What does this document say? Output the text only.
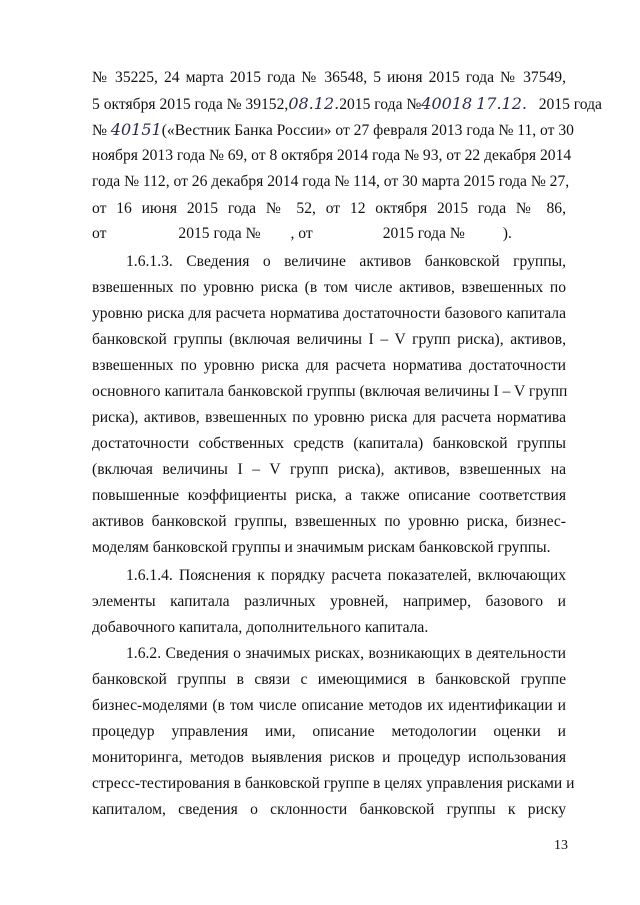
№ 35225, 24 марта 2015 года № 36548, 5 июня 2015 года № 37549,
5 октября 2015 года № 39152,08.12.2015 года №40018 17.12. 2015 года
№ 40151(«Вестник Банка России» от 27 февраля 2013 года № 11, от 30
ноября 2013 года № 69, от 8 октября 2014 года № 93, от 22 декабря 2014
года № 112, от 26 декабря 2014 года № 114, от 30 марта 2015 года № 27,
от 16 июня 2015 года № 52, от 12 октября 2015 года № 86,
от	2015 года № , от	2015 года № ).
1.6.1.3. Сведения о величине активов банковской группы,
взвешенных по уровню риска (в том числе активов, взвешенных по
уровню риска для расчета норматива достаточности базового капитала
банковской группы (включая величины I – V групп риска), активов,
взвешенных по уровню риска для расчета норматива достаточности
основного капитала банковской группы (включая величины I – V групп
риска), активов, взвешенных по уровню риска для расчета норматива
достаточности собственных средств (капитала) банковской группы
(включая величины I – V групп риска), активов, взвешенных на
повышенные коэффициенты риска, а также описание соответствия
активов банковской группы, взвешенных по уровню риска, бизнес-
моделям банковской группы и значимым рискам банковской группы.
1.6.1.4. Пояснения к порядку расчета показателей, включающих
элементы капитала различных уровней, например, базового и
добавочного капитала, дополнительного капитала.
1.6.2. Сведения о значимых рисках, возникающих в деятельности
банковской группы в связи с имеющимися в банковской группе
бизнес-моделями (в том числе описание методов их идентификации и
процедур управления ими, описание методологии оценки и
мониторинга, методов выявления рисков и процедур использования
стресс-тестирования в банковской группе в целях управления рисками и
капиталом, сведения о склонности банковской группы к риску
13
